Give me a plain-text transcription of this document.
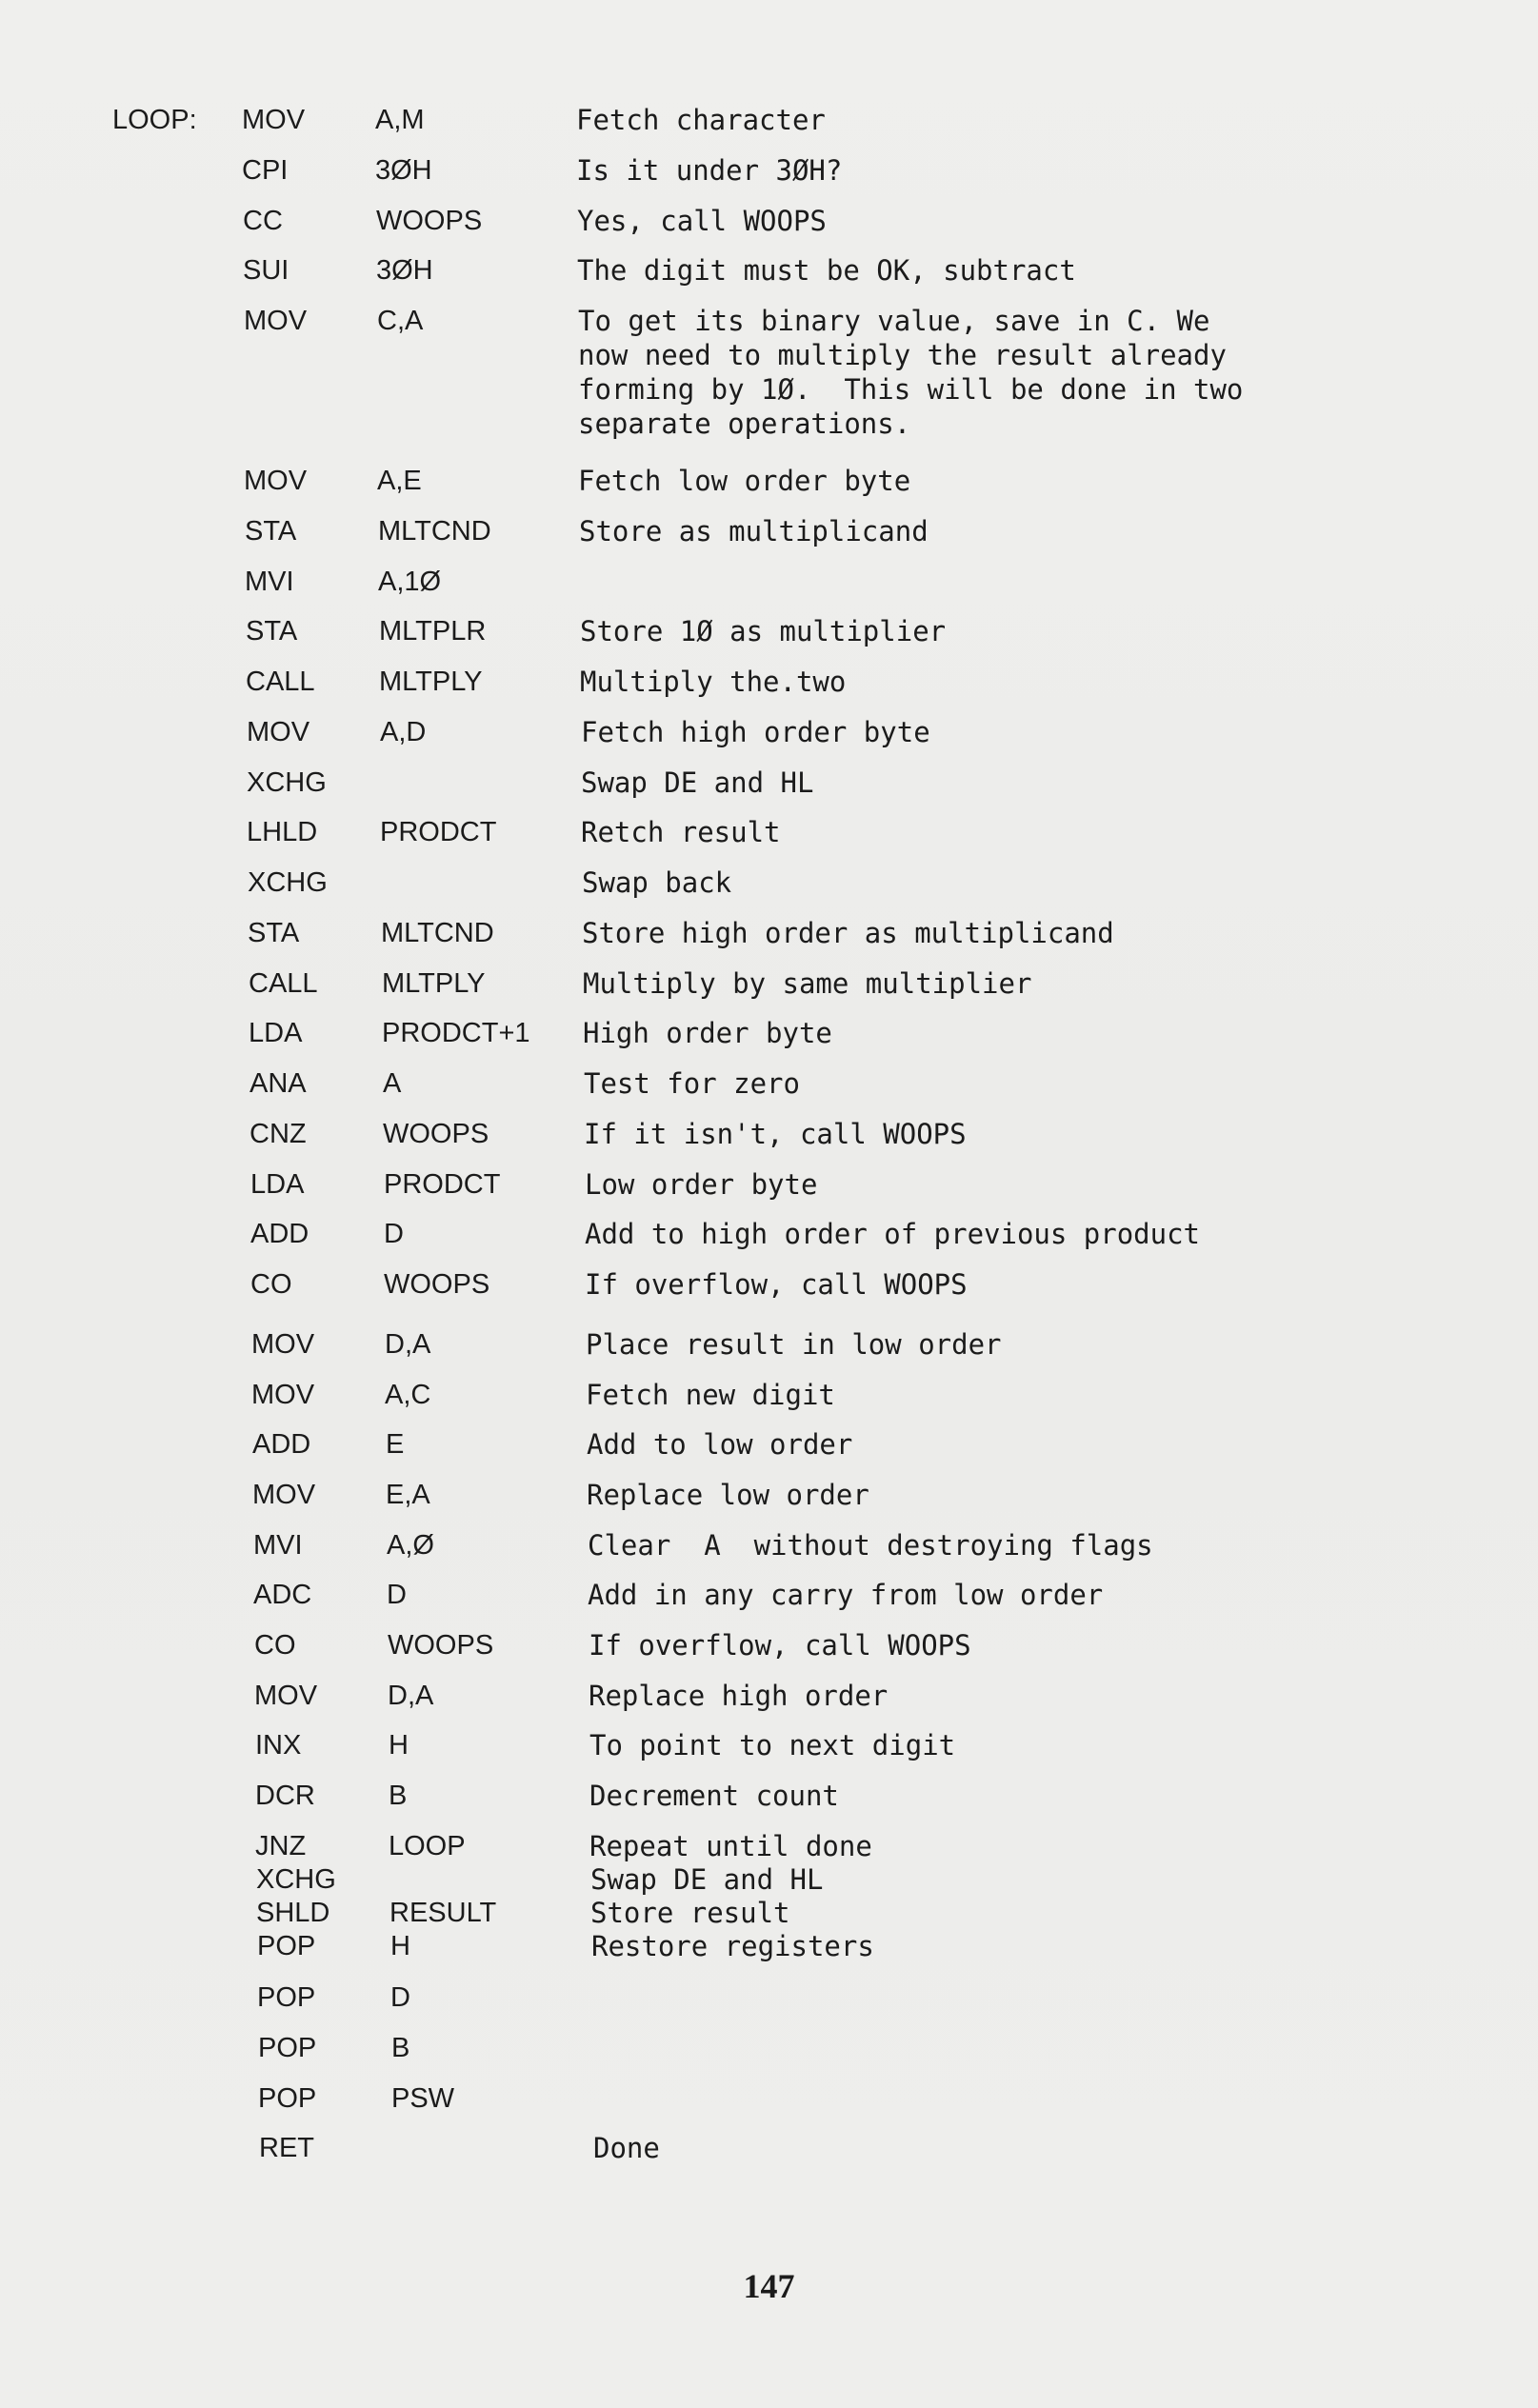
LOOP: MOV	A,M	Fetch character
CPI	3ØH	Is it under 3ØH?
CC	WOOPS	Yes, call WOOPS
SUI	3ØH	The digit must be OK, subtract
MOV	C,A	To get its binary value, save in C. We
now need to multiply the result already
forming by 1Ø.  This will be done in two
separate operations.
MOV	A,E	Fetch low order byte
STA	MLTCND	Store as multiplicand
MVI	A,1Ø
STA	MLTPLR	Store 1Ø as multiplier
CALL MLTPLY	Multiply the.two
MOV	A,D	Fetch high order byte
XCHG	Swap DE and HL
LHLD PRODCT	Retch result
XCHG	Swap back
STA	MLTCND	Store high order as multiplicand
CALL MLTPLY	Multiply by same multiplier
LDA	PRODCT+1 High order byte
ANA	A	Test for zero
CNZ	WOOPS	If it isn't, call WOOPS
LDA	PRODCT	Low order byte
ADD	D	Add to high order of previous product
CO	WOOPS	If overflow, call WOOPS
MOV	D,A	Place result in low order
MOV	A,C	Fetch new digit
ADD	E	Add to low order
MOV	E,A	Replace low order
MVI	A,Ø	Clear  A  without destroying flags
ADC	D	Add in any carry from low order
CO	WOOPS	If overflow, call WOOPS
MOV	D,A	Replace high order
INX	H	To point to next digit
DCR	B	Decrement count
JNZ	LOOP	Repeat until done
XCHG	Swap DE and HL
SHLD RESULT	Store result
POP	H	Restore registers
POP	D
POP	B
POP	PSW
RET	Done
147
